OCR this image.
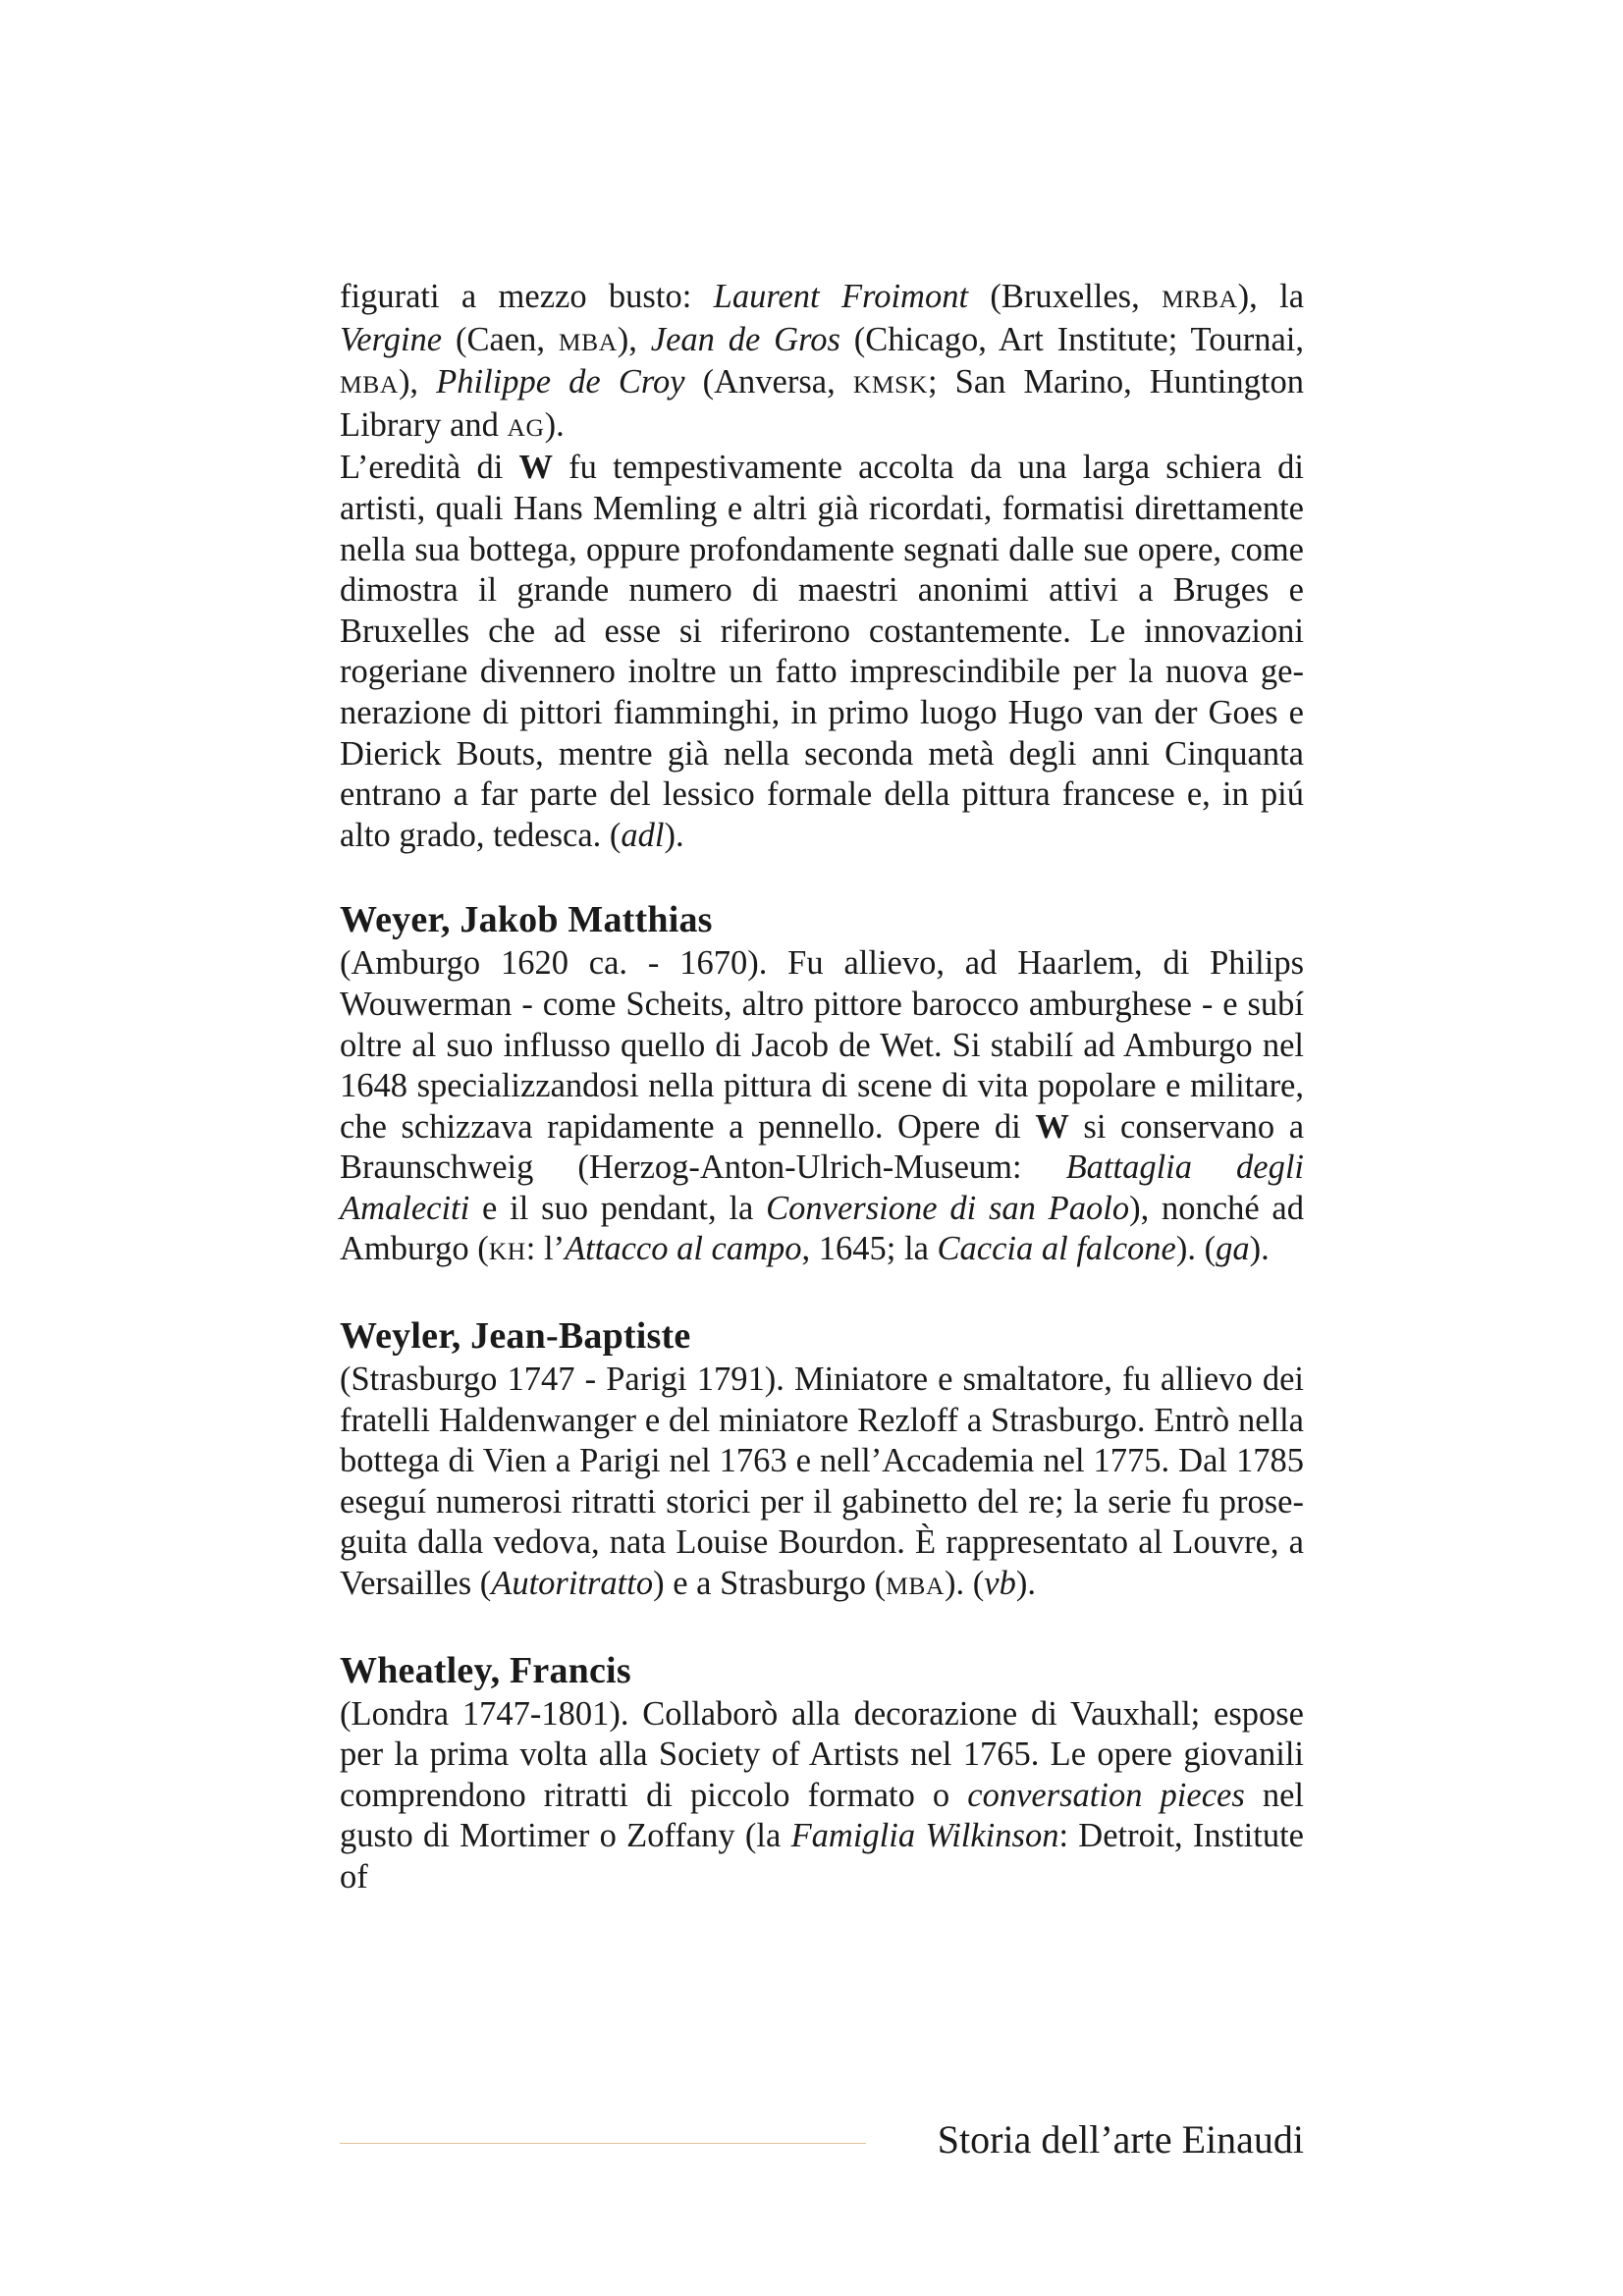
figurati a mezzo busto: Laurent Froimont (Bruxelles, MRBA), la Vergine (Caen, MBA), Jean de Gros (Chicago, Art Institute; Tournai, MBA), Philippe de Croy (Anversa, KMSK; San Marino, Huntington Library and AG).

L’eredità di W fu tempestivamente accolta da una larga schiera di artisti, quali Hans Memling e altri già ricordati, formatisi direttamente nella sua bottega, oppure profondamente segnati dalle sue opere, come dimostra il grande numero di maestri anonimi attivi a Bruges e Bruxelles che ad esse si riferirono costantemente. Le innovazioni rogeriane divennero inoltre un fatto imprescindibile per la nuova generazione di pittori fiamminghi, in primo luogo Hugo van der Goes e Dierick Bouts, mentre già nella seconda metà degli anni Cinquanta entrano a far parte del lessico formale della pittura francese e, in piú alto grado, tedesca. (adl).

Weyer, Jakob Matthias

(Amburgo 1620 ca. - 1670). Fu allievo, ad Haarlem, di Philips Wouwerman - come Scheits, altro pittore barocco amburghese - e subí oltre al suo influsso quello di Jacob de Wet. Si stabilí ad Amburgo nel 1648 specializzandosi nella pittura di scene di vita popolare e militare, che schizzava rapidamente a pennello. Opere di W si conservano a Braunschweig (Herzog-Anton-Ulrich-Museum: Battaglia degli Amaleciti e il suo pendant, la Conversione di san Paolo), nonché ad Amburgo (KH: l’Attacco al campo, 1645; la Caccia al falcone). (ga).

Weyler, Jean-Baptiste

(Strasburgo 1747 - Parigi 1791). Miniatore e smaltatore, fu allievo dei fratelli Haldenwanger e del miniatore Rezloff a Strasburgo. Entrò nella bottega di Vien a Parigi nel 1763 e nell’Accademia nel 1775. Dal 1785 eseguí numerosi ritratti storici per il gabinetto del re; la serie fu proseguita dalla vedova, nata Louise Bourdon. È rappresentato al Louvre, a Versailles (Autoritratto) e a Strasburgo (MBA). (vb).

Wheatley, Francis

(Londra 1747-1801). Collaborò alla decorazione di Vauxhall; espose per la prima volta alla Society of Artists nel 1765. Le opere giovanili comprendono ritratti di piccolo formato o conversation pieces nel gusto di Mortimer o Zoffany (la Famiglia Wilkinson: Detroit, Institute of

Storia dell’arte Einaudi
